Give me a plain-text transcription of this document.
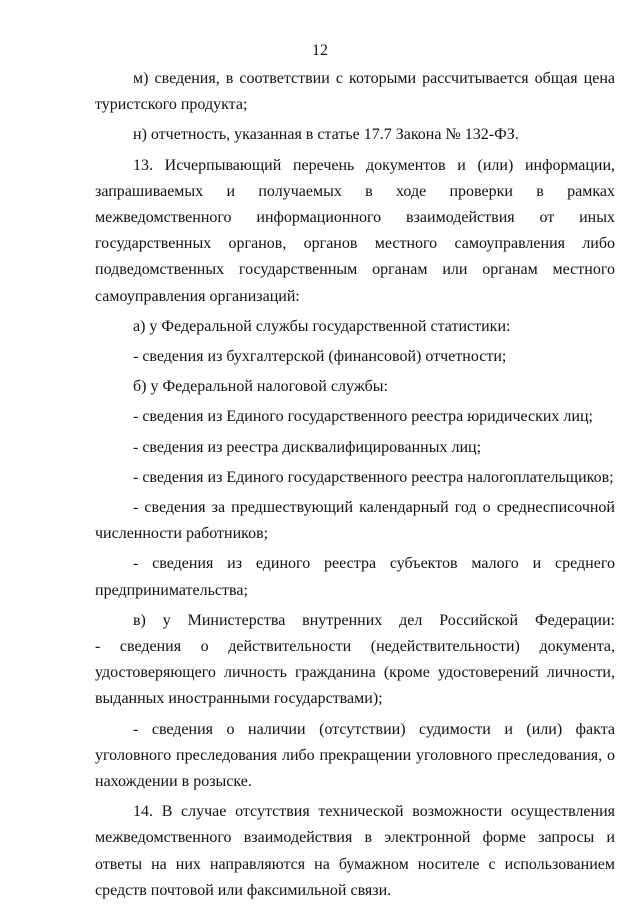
12

м) сведения, в соответствии с которыми рассчитывается общая цена туристского продукта;

н) отчетность, указанная в статье 17.7 Закона № 132-ФЗ.

13. Исчерпывающий перечень документов и (или) информации, запрашиваемых и получаемых в ходе проверки в рамках межведомственного информационного взаимодействия от иных государственных органов, органов местного самоуправления либо подведомственных государственным органам или органам местного самоуправления организаций:

а) у Федеральной службы государственной статистики:

- сведения из бухгалтерской (финансовой) отчетности;

б) у Федеральной налоговой службы:

- сведения из Единого государственного реестра юридических лиц;

- сведения из реестра дисквалифицированных лиц;

- сведения из Единого государственного реестра налогоплательщиков;

- сведения за предшествующий календарный год о среднесписочной численности работников;

- сведения из единого реестра субъектов малого и среднего предпринимательства;

в) у Министерства внутренних дел Российской Федерации:

- сведения о действительности (недействительности) документа, удостоверяющего личность гражданина (кроме удостоверений личности, выданных иностранными государствами);

- сведения о наличии (отсутствии) судимости и (или) факта уголовного преследования либо прекращении уголовного преследования, о нахождении в розыске.

14. В случае отсутствия технической возможности осуществления межведомственного взаимодействия в электронной форме запросы и ответы на них направляются на бумажном носителе с использованием средств почтовой или факсимильной связи.
